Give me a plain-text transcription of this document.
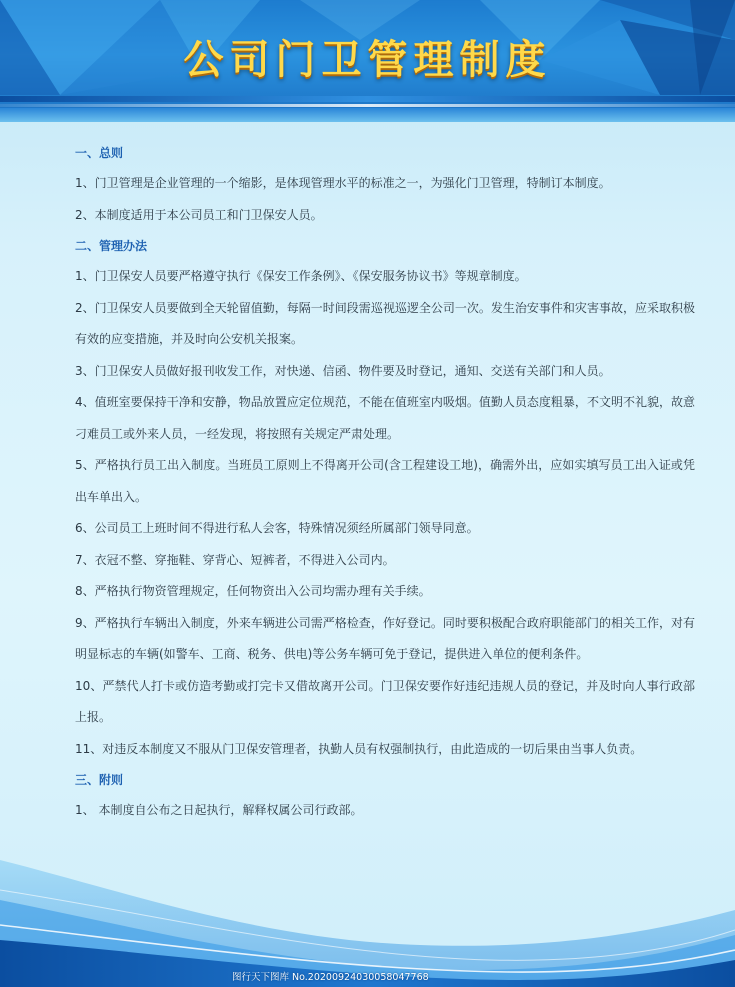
公司门卫管理制度
一、总则
1、门卫管理是企业管理的一个缩影，是体现管理水平的标准之一，为强化门卫管理，特制订本制度。
2、本制度适用于本公司员工和门卫保安人员。
二、管理办法
1、门卫保安人员要严格遵守执行《保安工作条例》、《保安服务协议书》等规章制度。
2、门卫保安人员要做到全天轮留值勤，每隔一时间段需巡视巡逻全公司一次。发生治安事件和灾害事故，应采取积极有效的应变措施，并及时向公安机关报案。
3、门卫保安人员做好报刊收发工作，对快递、信函、物件要及时登记，通知、交送有关部门和人员。
4、值班室要保持干净和安静，物品放置应定位规范，不能在值班室内吸烟。值勤人员态度粗暴，不文明不礼貌，故意刁难员工或外来人员，一经发现，将按照有关规定严肃处理。
5、严格执行员工出入制度。当班员工原则上不得离开公司(含工程建设工地)，确需外出，应如实填写员工出入证或凭出车单出入。
6、公司员工上班时间不得进行私人会客，特殊情况须经所属部门领导同意。
7、衣冠不整、穿拖鞋、穿背心、短裤者，不得进入公司内。
8、严格执行物资管理规定，任何物资出入公司均需办理有关手续。
9、严格执行车辆出入制度，外来车辆进公司需严格检查，作好登记。同时要积极配合政府职能部门的相关工作，对有明显标志的车辆(如警车、工商、税务、供电)等公务车辆可免于登记，提供进入单位的便利条件。
10、严禁代人打卡或仿造考勤或打完卡又借故离开公司。门卫保安要作好违纪违规人员的登记，并及时向人事行政部上报。
11、对违反本制度又不服从门卫保安管理者，执勤人员有权强制执行，由此造成的一切后果由当事人负责。
三、附则
1、 本制度自公布之日起执行，解释权属公司行政部。
图行天下图库 No.20200924030058047768
